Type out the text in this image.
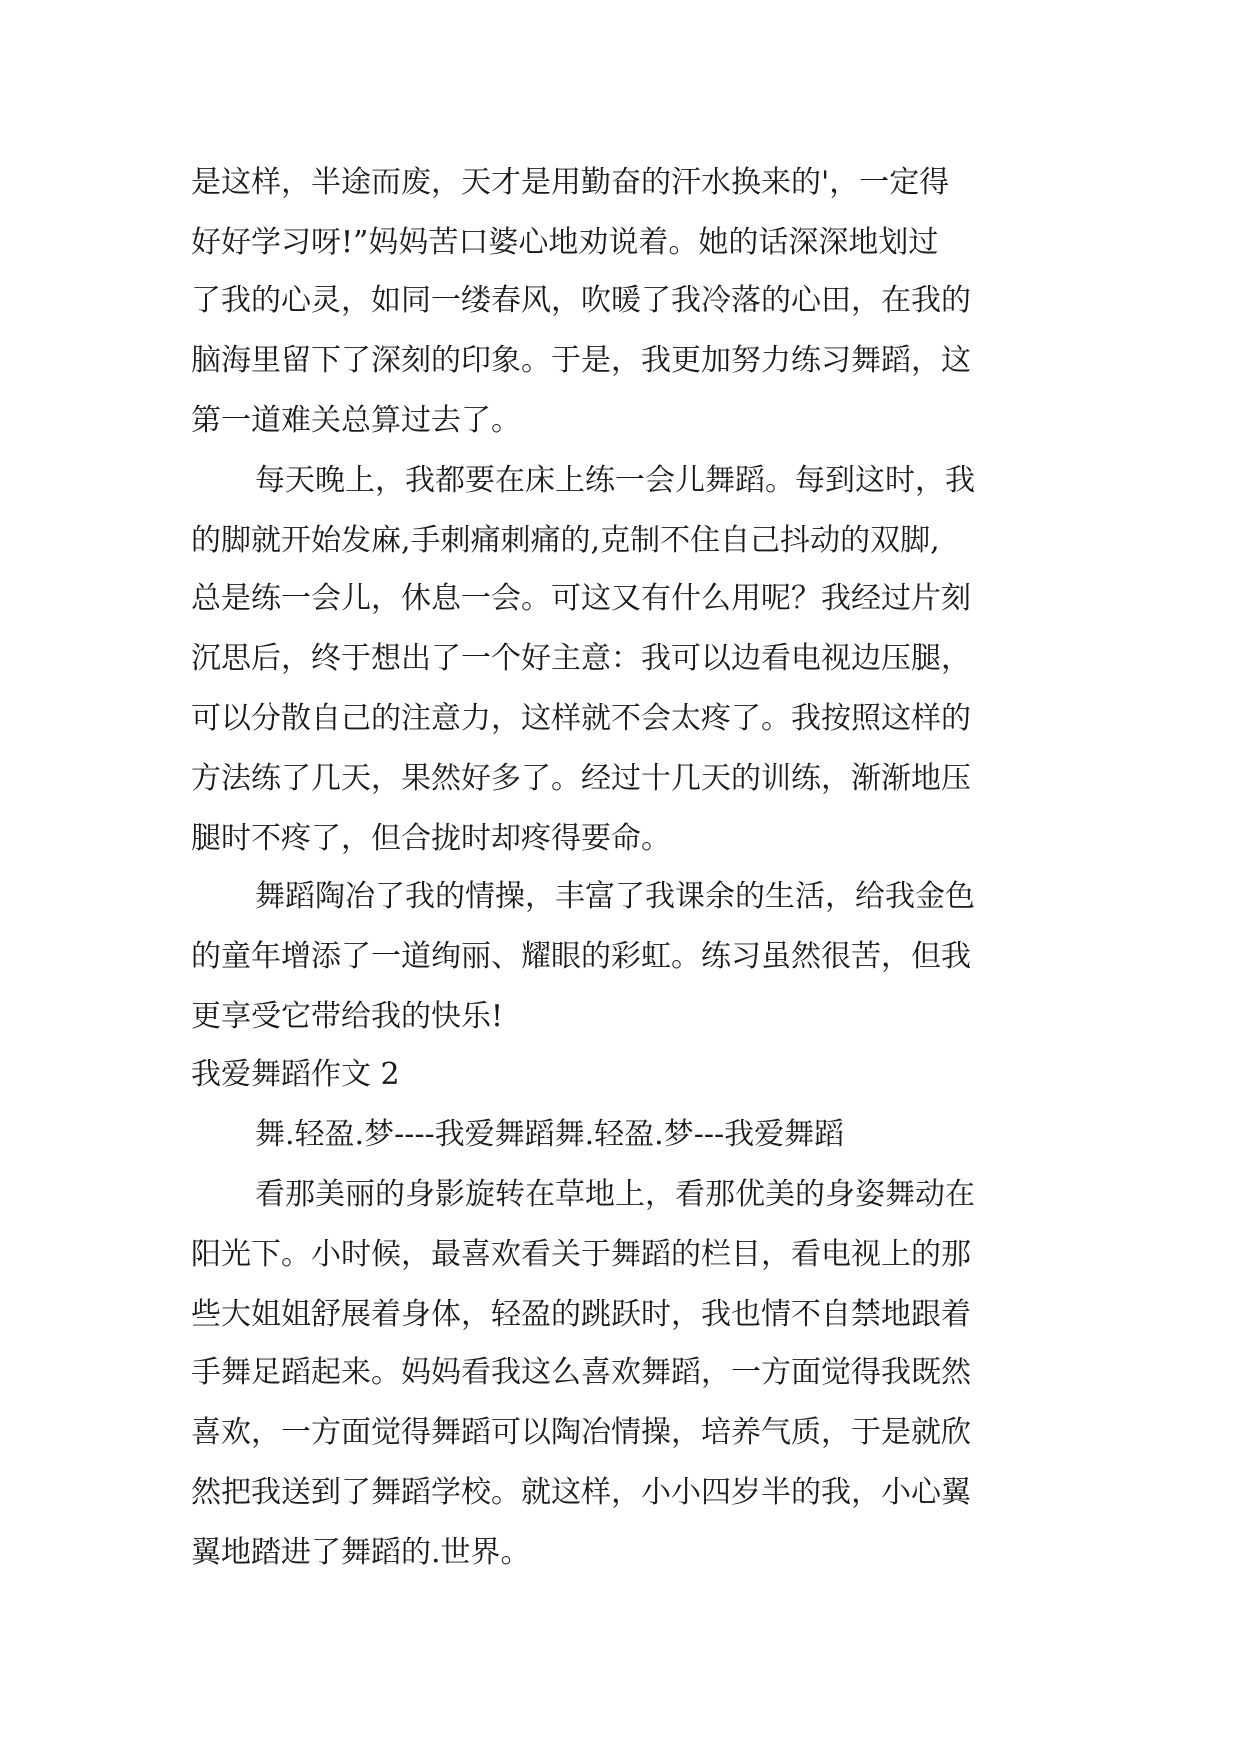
是这样，半途而废，天才是用勤奋的汗水换来的'，一定得
好好学习呀!”妈妈苦口婆心地劝说着。她的话深深地划过
了我的心灵，如同一缕春风，吹暖了我冷落的心田，在我的
脑海里留下了深刻的印象。于是，我更加努力练习舞蹈，这
第一道难关总算过去了。
每天晚上，我都要在床上练一会儿舞蹈。每到这时，我
的脚就开始发麻,手刺痛刺痛的,克制不住自己抖动的双脚,
总是练一会儿，休息一会。可这又有什么用呢？我经过片刻
沉思后，终于想出了一个好主意：我可以边看电视边压腿，
可以分散自己的注意力，这样就不会太疼了。我按照这样的
方法练了几天，果然好多了。经过十几天的训练，渐渐地压
腿时不疼了，但合拢时却疼得要命。
舞蹈陶冶了我的情操，丰富了我课余的生活，给我金色
的童年增添了一道绚丽、耀眼的彩虹。练习虽然很苦，但我
更享受它带给我的快乐!
我爱舞蹈作文 2
舞.轻盈.梦----我爱舞蹈舞.轻盈.梦---我爱舞蹈
看那美丽的身影旋转在草地上，看那优美的身姿舞动在
阳光下。小时候，最喜欢看关于舞蹈的栏目，看电视上的那
些大姐姐舒展着身体，轻盈的跳跃时，我也情不自禁地跟着
手舞足蹈起来。妈妈看我这么喜欢舞蹈，一方面觉得我既然
喜欢，一方面觉得舞蹈可以陶冶情操，培养气质，于是就欣
然把我送到了舞蹈学校。就这样，小小四岁半的我，小心翼
翼地踏进了舞蹈的.世界。
